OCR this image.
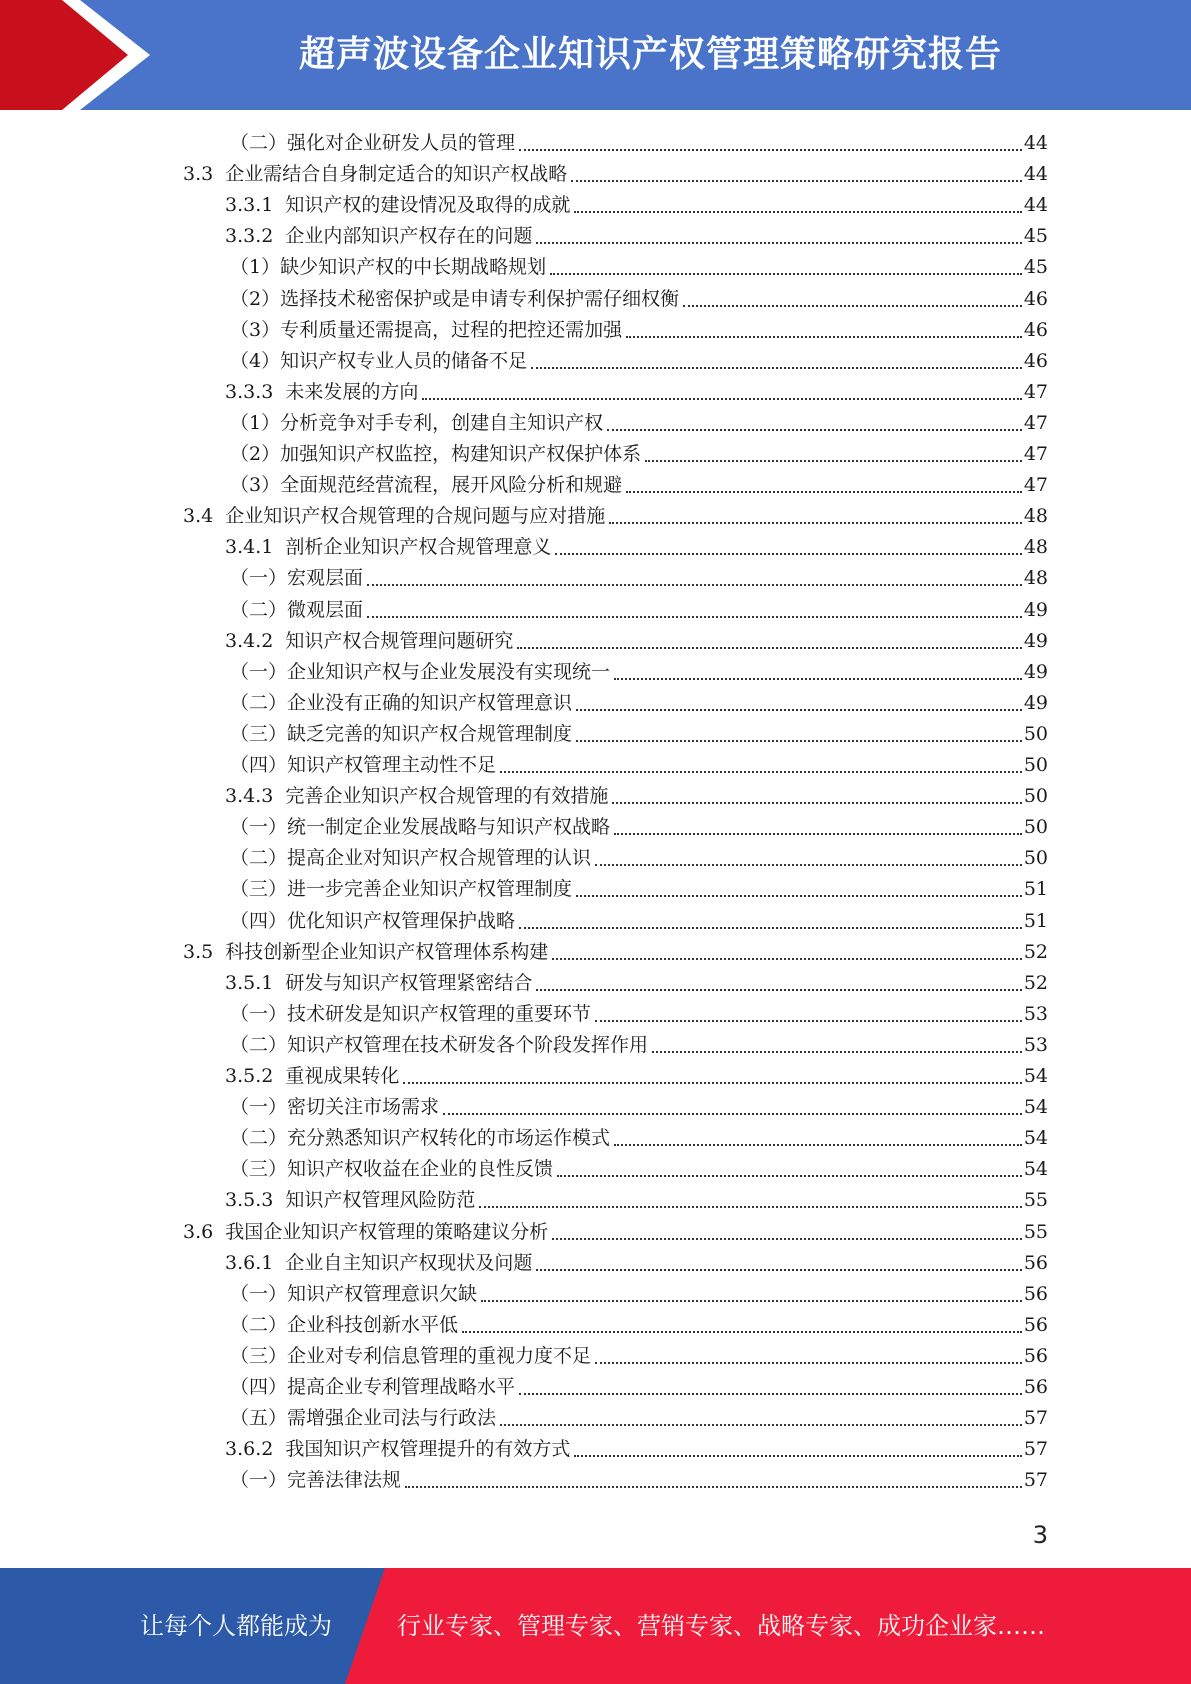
超声波设备企业知识产权管理策略研究报告
（二）强化对企业研发人员的管理	44
3.3  企业需结合自身制定适合的知识产权战略	44
3.3.1  知识产权的建设情况及取得的成就	44
3.3.2  企业内部知识产权存在的问题	45
（1）缺少知识产权的中长期战略规划	45
（2）选择技术秘密保护或是申请专利保护需仔细权衡	46
（3）专利质量还需提高，过程的把控还需加强	46
（4）知识产权专业人员的储备不足	46
3.3.3  未来发展的方向	47
（1）分析竞争对手专利，创建自主知识产权	47
（2）加强知识产权监控，构建知识产权保护体系	47
（3）全面规范经营流程，展开风险分析和规避	47
3.4  企业知识产权合规管理的合规问题与应对措施	48
3.4.1  剖析企业知识产权合规管理意义	48
（一）宏观层面	48
（二）微观层面	49
3.4.2  知识产权合规管理问题研究	49
（一）企业知识产权与企业发展没有实现统一	49
（二）企业没有正确的知识产权管理意识	49
（三）缺乏完善的知识产权合规管理制度	50
（四）知识产权管理主动性不足	50
3.4.3  完善企业知识产权合规管理的有效措施	50
（一）统一制定企业发展战略与知识产权战略	50
（二）提高企业对知识产权合规管理的认识	50
（三）进一步完善企业知识产权管理制度	51
（四）优化知识产权管理保护战略	51
3.5  科技创新型企业知识产权管理体系构建	52
3.5.1  研发与知识产权管理紧密结合	52
（一）技术研发是知识产权管理的重要环节	53
（二）知识产权管理在技术研发各个阶段发挥作用	53
3.5.2  重视成果转化	54
（一）密切关注市场需求	54
（二）充分熟悉知识产权转化的市场运作模式	54
（三）知识产权收益在企业的良性反馈	54
3.5.3  知识产权管理风险防范	55
3.6  我国企业知识产权管理的策略建议分析	55
3.6.1  企业自主知识产权现状及问题	56
（一）知识产权管理意识欠缺	56
（二）企业科技创新水平低	56
（三）企业对专利信息管理的重视力度不足	56
（四）提高企业专利管理战略水平	56
（五）需增强企业司法与行政法	57
3.6.2  我国知识产权管理提升的有效方式	57
（一）完善法律法规	57
3
让每个人都能成为	行业专家、管理专家、营销专家、战略专家、成功企业家……
